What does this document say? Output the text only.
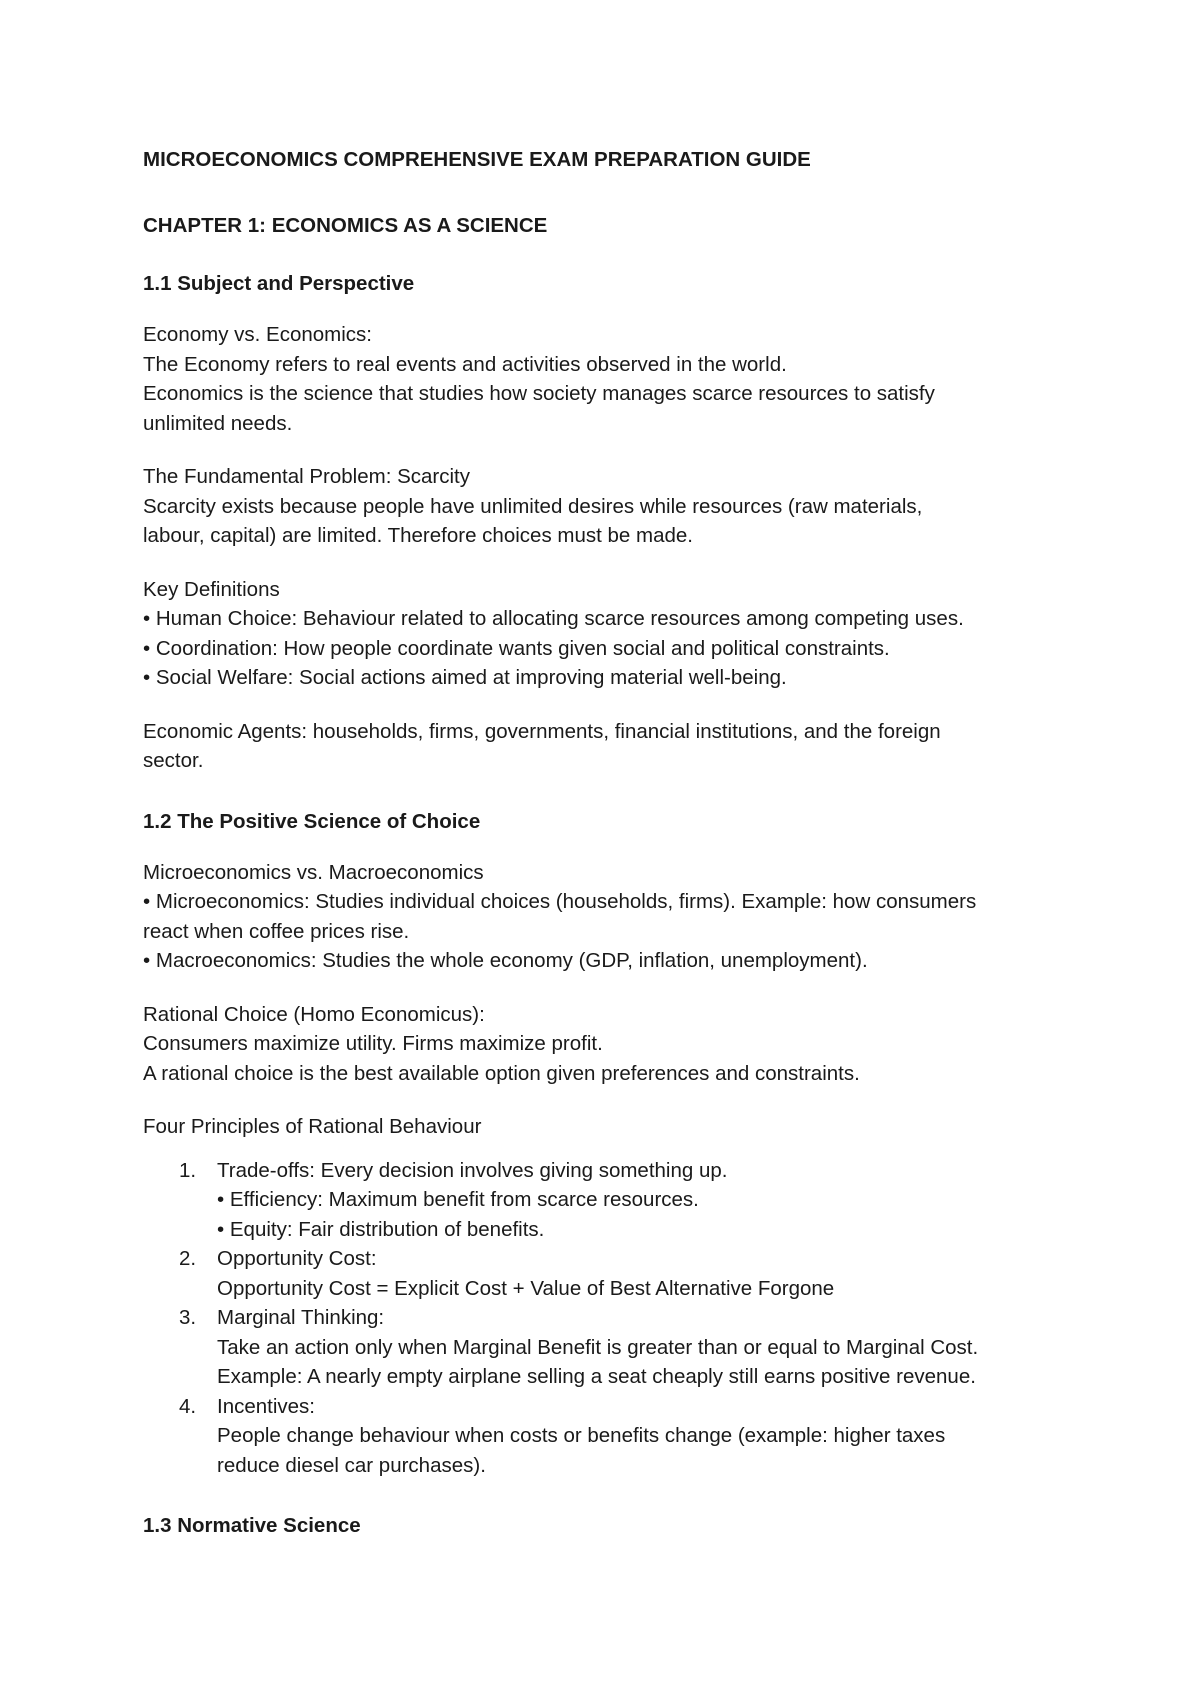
MICROECONOMICS COMPREHENSIVE EXAM PREPARATION GUIDE
CHAPTER 1: ECONOMICS AS A SCIENCE
1.1 Subject and Perspective

Economy vs. Economics:
The Economy refers to real events and activities observed in the world.
Economics is the science that studies how society manages scarce resources to satisfy
unlimited needs.

The Fundamental Problem: Scarcity
Scarcity exists because people have unlimited desires while resources (raw materials,
labour, capital) are limited. Therefore choices must be made.

Key Definitions
• Human Choice: Behaviour related to allocating scarce resources among competing uses.
• Coordination: How people coordinate wants given social and political constraints.
• Social Welfare: Social actions aimed at improving material well-being.

Economic Agents: households, firms, governments, financial institutions, and the foreign
sector.

1.2 The Positive Science of Choice

Microeconomics vs. Macroeconomics
• Microeconomics: Studies individual choices (households, firms). Example: how consumers
react when coffee prices rise.
• Macroeconomics: Studies the whole economy (GDP, inflation, unemployment).

Rational Choice (Homo Economicus):
Consumers maximize utility. Firms maximize profit.
A rational choice is the best available option given preferences and constraints.

Four Principles of Rational Behaviour

1. Trade-offs: Every decision involves giving something up.
• Efficiency: Maximum benefit from scarce resources.
• Equity: Fair distribution of benefits.
2. Opportunity Cost:
Opportunity Cost = Explicit Cost + Value of Best Alternative Forgone
3. Marginal Thinking:
Take an action only when Marginal Benefit is greater than or equal to Marginal Cost.
Example: A nearly empty airplane selling a seat cheaply still earns positive revenue.
4. Incentives:
People change behaviour when costs or benefits change (example: higher taxes
reduce diesel car purchases).
1.3 Normative Science
